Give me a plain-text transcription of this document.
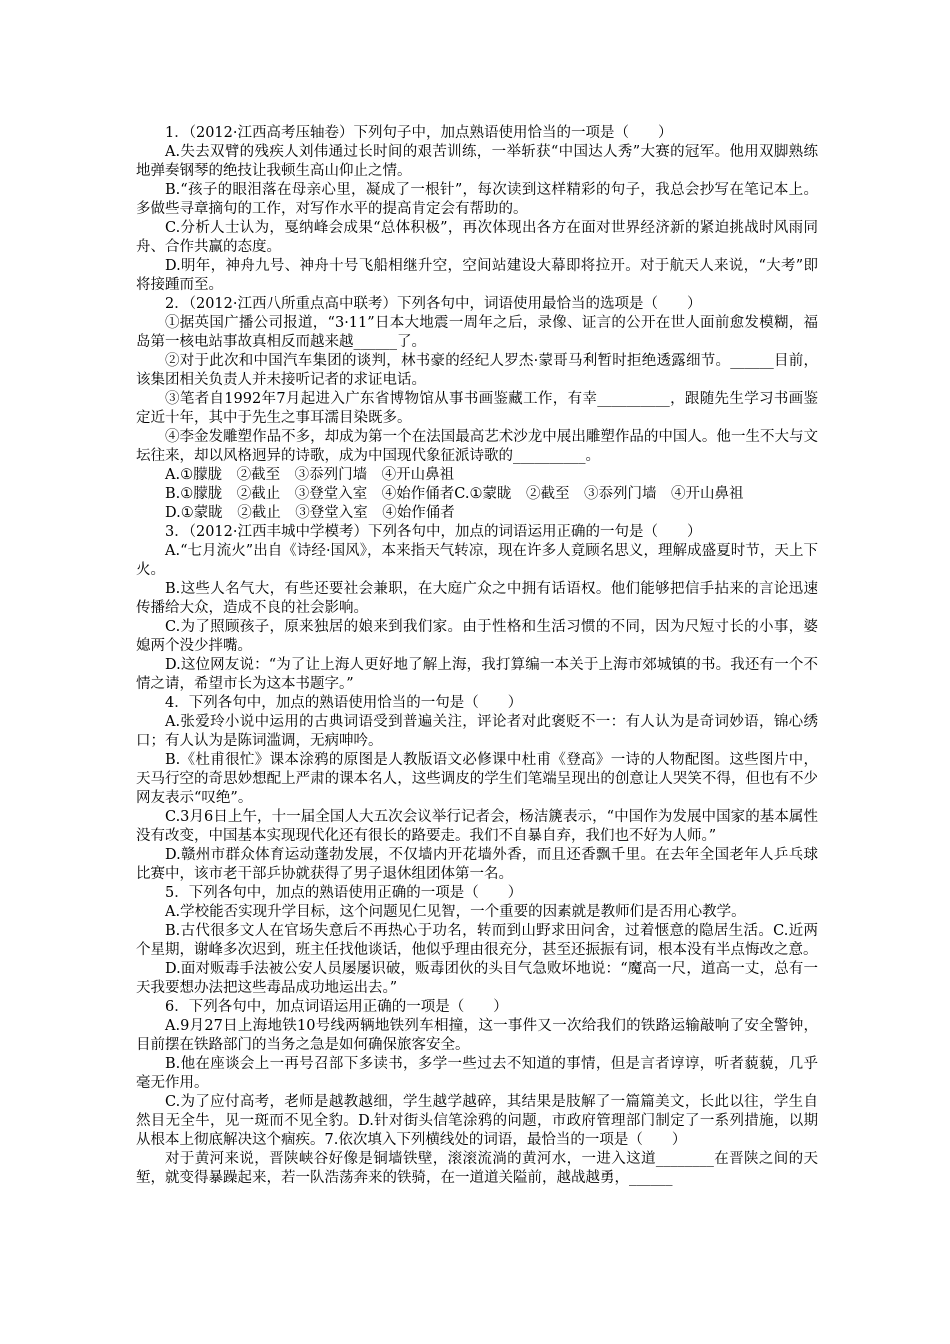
1．（2012·江西高考压轴卷）下列句子中，加点熟语使用恰当的一项是（　　）

A.失去双臂的残疾人刘伟通过长时间的艰苦训练，一举斩获“中国达人秀”大赛的冠军。他用双脚熟练地弹奏钢琴的绝技让我顿生高山仰止之情。

B.“孩子的眼泪落在母亲心里，凝成了一根针”，每次读到这样精彩的句子，我总会抄写在笔记本上。多做些寻章摘句的工作，对写作水平的提高肯定会有帮助的。

C.分析人士认为，戛纳峰会成果“总体积极”，再次体现出各方在面对世界经济新的紧迫挑战时风雨同舟、合作共赢的态度。

D.明年，神舟九号、神舟十号飞船相继升空，空间站建设大幕即将拉开。对于航天人来说，“大考”即将接踵而至。

2．（2012·江西八所重点高中联考）下列各句中，词语使用最恰当的选项是（　　）

①据英国广播公司报道，“3·11”日本大地震一周年之后，录像、证言的公开在世人面前愈发模糊，福岛第一核电站事故真相反而越来越______了。

②对于此次和中国汽车集团的谈判，林书豪的经纪人罗杰·蒙哥马利暂时拒绝透露细节。______目前，该集团相关负责人并未接听记者的求证电话。

③笔者自1992年7月起进入广东省博物馆从事书画鉴藏工作，有幸__________，跟随先生学习书画鉴定近十年，其中于先生之事耳濡目染既多。

④李金发雕塑作品不多，却成为第一个在法国最高艺术沙龙中展出雕塑作品的中国人。他一生不大与文坛往来，却以风格迥异的诗歌，成为中国现代象征派诗歌的__________。

A.①朦胧　②截至　③忝列门墙　④开山鼻祖

B.①朦胧　②截止　③登堂入室　④始作俑者C.①蒙眬　②截至　③忝列门墙　④开山鼻祖

D.①蒙眬　②截止　③登堂入室　④始作俑者

3．（2012·江西丰城中学模考）下列各句中，加点的词语运用正确的一句是（　　）

A.“七月流火”出自《诗经·国风》，本来指天气转凉，现在许多人竟顾名思义，理解成盛夏时节，天上下火。

B.这些人名气大，有些还要社会兼职，在大庭广众之中拥有话语权。他们能够把信手拈来的言论迅速传播给大众，造成不良的社会影响。

C.为了照顾孩子，原来独居的娘来到我们家。由于性格和生活习惯的不同，因为尺短寸长的小事，婆媳两个没少拌嘴。

D.这位网友说：“为了让上海人更好地了解上海，我打算编一本关于上海市郊城镇的书。我还有一个不情之请，希望市长为这本书题字。”

4．下列各句中，加点的熟语使用恰当的一句是（　　）

A.张爱玲小说中运用的古典词语受到普遍关注，评论者对此褒贬不一：有人认为是奇词妙语，锦心绣口；有人认为是陈词滥调，无病呻吟。

B.《杜甫很忙》课本涂鸦的原图是人教版语文必修课中杜甫《登高》一诗的人物配图。这些图片中，天马行空的奇思妙想配上严肃的课本名人，这些调皮的学生们笔端呈现出的创意让人哭笑不得，但也有不少网友表示“叹绝”。

C.3月6日上午，十一届全国人大五次会议举行记者会，杨洁篪表示，“中国作为发展中国家的基本属性没有改变，中国基本实现现代化还有很长的路要走。我们不自暴自弃，我们也不好为人师。”

D.赣州市群众体育运动蓬勃发展，不仅墙内开花墙外香，而且还香飘千里。在去年全国老年人乒乓球比赛中，该市老干部乒协就获得了男子退休组团体第一名。

5．下列各句中，加点的熟语使用正确的一项是（　　）

A.学校能否实现升学目标，这个问题见仁见智，一个重要的因素就是教师们是否用心教学。

B.古代很多文人在官场失意后不再热心于功名，转而到山野求田问舍，过着惬意的隐居生活。C.近两个星期，谢峰多次迟到，班主任找他谈话，他似乎理由很充分，甚至还振振有词，根本没有半点悔改之意。

D.面对贩毒手法被公安人员屡屡识破，贩毒团伙的头目气急败坏地说：“魔高一尺，道高一丈，总有一天我要想办法把这些毒品成功地运出去。”

6．下列各句中，加点词语运用正确的一项是（　　）

A.9月27日上海地铁10号线两辆地铁列车相撞，这一事件又一次给我们的铁路运输敲响了安全警钟，目前摆在铁路部门的当务之急是如何确保旅客安全。

B.他在座谈会上一再号召部下多读书，多学一些过去不知道的事情，但是言者谆谆，听者藐藐，几乎毫无作用。

C.为了应付高考，老师是越教越细，学生越学越碎，其结果是肢解了一篇篇美文，长此以往，学生自然目无全牛，见一斑而不见全豹。D.针对街头信笔涂鸦的问题，市政府管理部门制定了一系列措施，以期从根本上彻底解决这个痼疾。7.依次填入下列横线处的词语，最恰当的一项是（　　）

对于黄河来说，晋陕峡谷好像是铜墙铁壁，滚滚流淌的黄河水，一进入这道________在晋陕之间的天堑，就变得暴躁起来，若一队浩荡奔来的铁骑，在一道道关隘前，越战越勇，______
